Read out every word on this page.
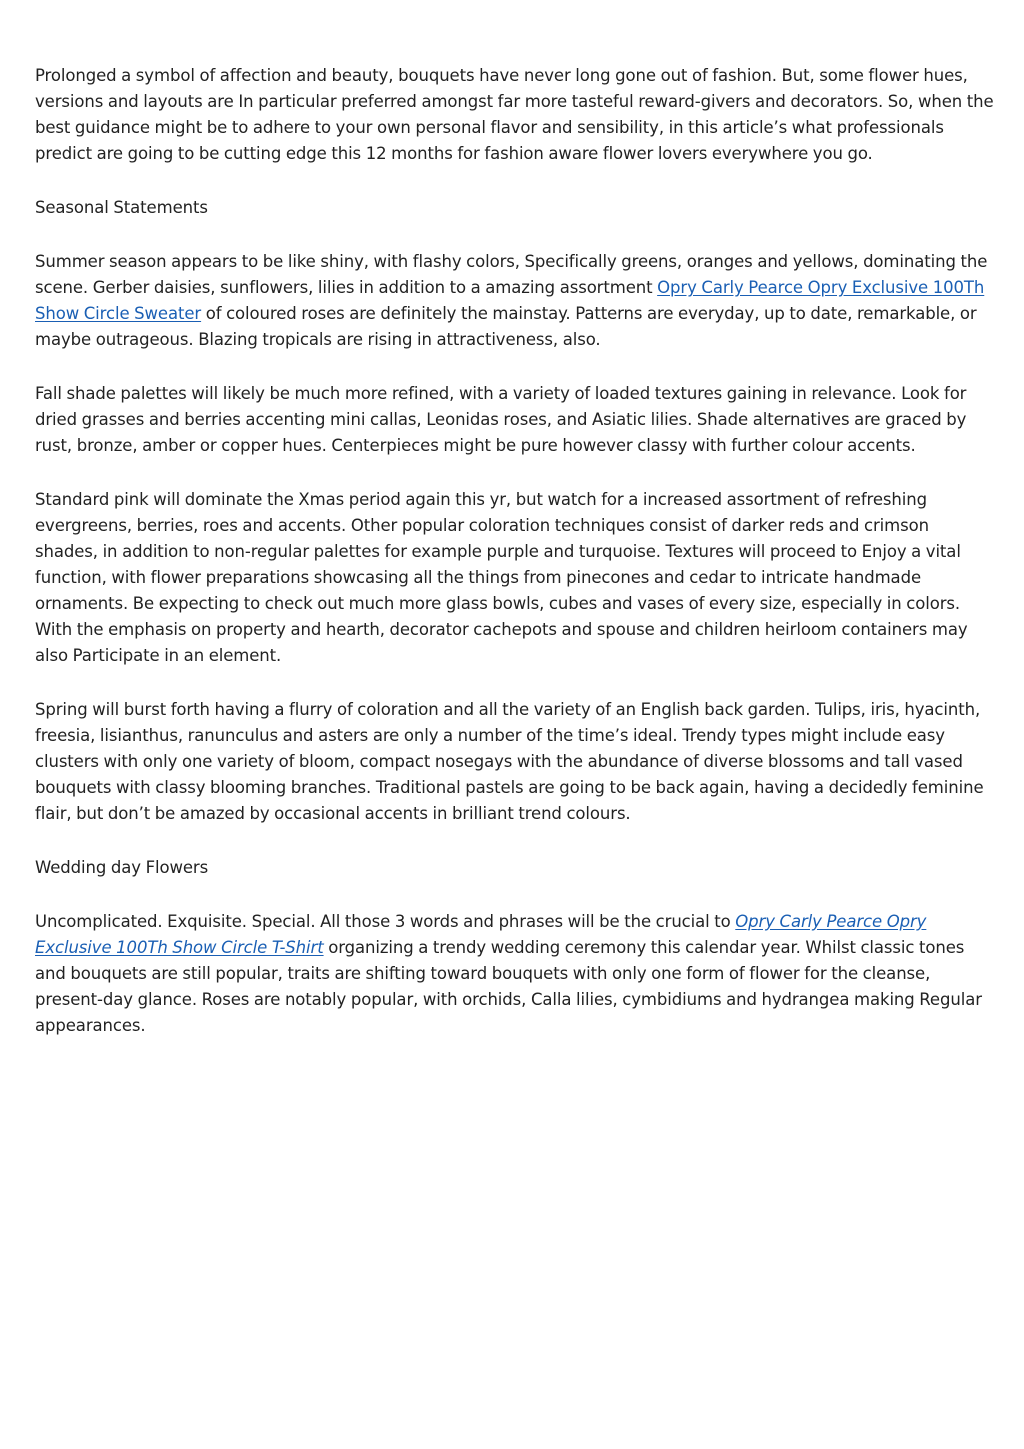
Prolonged a symbol of affection and beauty, bouquets have never long gone out of fashion. But, some flower hues, versions and layouts are In particular preferred amongst far more tasteful reward-givers and decorators. So, when the best guidance might be to adhere to your own personal flavor and sensibility, in this article’s what professionals predict are going to be cutting edge this 12 months for fashion aware flower lovers everywhere you go.

Seasonal Statements

Summer season appears to be like shiny, with flashy colors, Specifically greens, oranges and yellows, dominating the scene. Gerber daisies, sunflowers, lilies in addition to a amazing assortment Opry Carly Pearce Opry Exclusive 100Th Show Circle Sweater of coloured roses are definitely the mainstay. Patterns are everyday, up to date, remarkable, or maybe outrageous. Blazing tropicals are rising in attractiveness, also.

Fall shade palettes will likely be much more refined, with a variety of loaded textures gaining in relevance. Look for dried grasses and berries accenting mini callas, Leonidas roses, and Asiatic lilies. Shade alternatives are graced by rust, bronze, amber or copper hues. Centerpieces might be pure however classy with further colour accents.

Standard pink will dominate the Xmas period again this yr, but watch for a increased assortment of refreshing evergreens, berries, roes and accents. Other popular coloration techniques consist of darker reds and crimson shades, in addition to non-regular palettes for example purple and turquoise. Textures will proceed to Enjoy a vital function, with flower preparations showcasing all the things from pinecones and cedar to intricate handmade ornaments. Be expecting to check out much more glass bowls, cubes and vases of every size, especially in colors. With the emphasis on property and hearth, decorator cachepots and spouse and children heirloom containers may also Participate in an element.

Spring will burst forth having a flurry of coloration and all the variety of an English back garden. Tulips, iris, hyacinth, freesia, lisianthus, ranunculus and asters are only a number of the time’s ideal. Trendy types might include easy clusters with only one variety of bloom, compact nosegays with the abundance of diverse blossoms and tall vased bouquets with classy blooming branches. Traditional pastels are going to be back again, having a decidedly feminine flair, but don’t be amazed by occasional accents in brilliant trend colours.

Wedding day Flowers

Uncomplicated. Exquisite. Special. All those 3 words and phrases will be the crucial to Opry Carly Pearce Opry Exclusive 100Th Show Circle T-Shirt organizing a trendy wedding ceremony this calendar year. Whilst classic tones and bouquets are still popular, traits are shifting toward bouquets with only one form of flower for the cleanse, present-day glance. Roses are notably popular, with orchids, Calla lilies, cymbidiums and hydrangea making Regular appearances.
